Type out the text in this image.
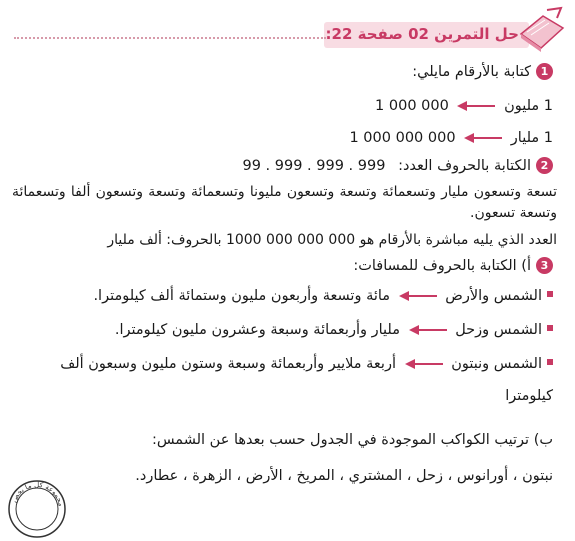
حل التمرين 02 صفحة 22:
1كتابة بالأرقام مايلي:
1 مليون  1 000 000
1 مليار  1 000 000 000
2الكتابة بالحروف العدد: 99 . 999 . 999 . 999
تسعة وتسعون مليار وتسعمائة وتسعة وتسعون مليونا وتسعمائة وتسعة وتسعون ألفا وتسعمائة وتسعة تسعون.
العدد الذي يليه مباشرة بالأرقام هو 000 000 000 1000 بالحروف: ألف مليار
3أ) الكتابة بالحروف للمسافات:
الشمس والأرض  مائة وتسعة وأربعون مليون وستمائة ألف كيلومترا.
الشمس وزحل  مليار وأربعمائة وسبعة وعشرون مليون كيلومترا.
الشمس ونبتون  أربعة ملايير وأربعمائة وسبعة وستون مليون وسبعون ألف
كيلومترا
ب) ترتيب الكواكب الموجودة في الجدول حسب بعدها عن الشمس:
نبتون ، أورانوس ، زحل ، المشتري ، المريخ ، الأرض ، الزهرة ، عطارد.
مجموعة كل ما يخص
